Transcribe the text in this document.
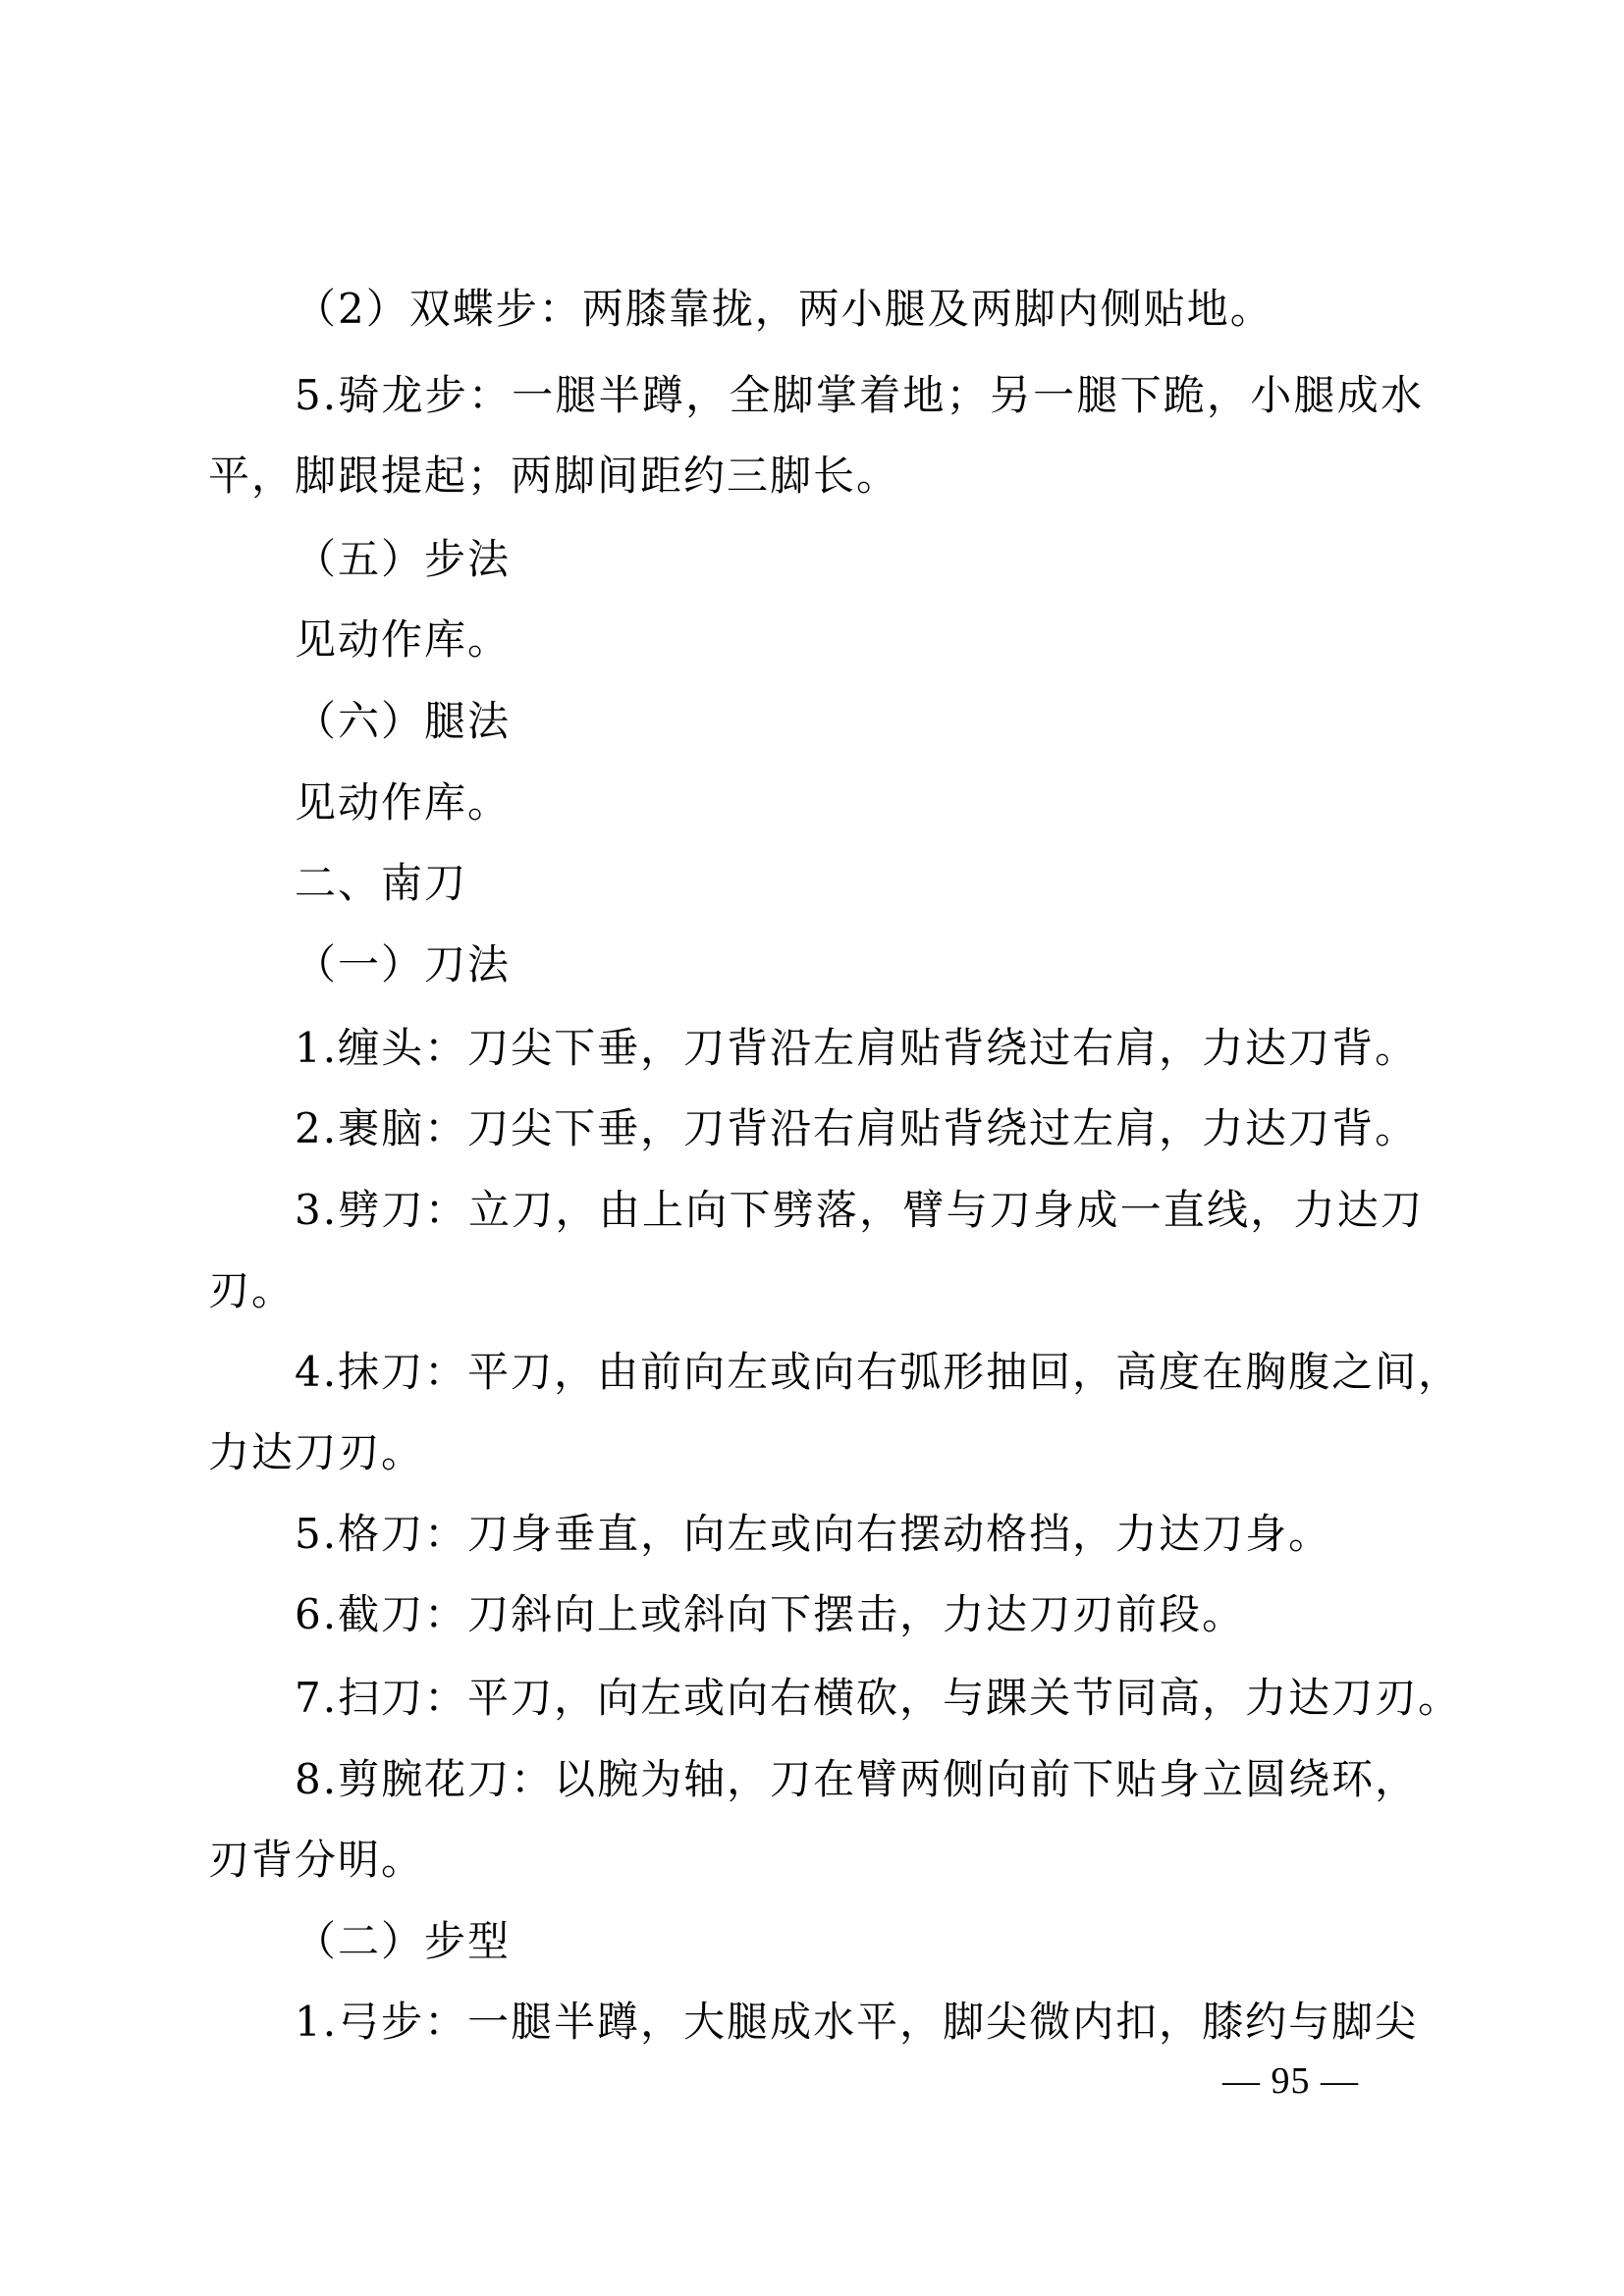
（2）双蝶步：两膝靠拢，两小腿及两脚内侧贴地。
5.骑龙步：一腿半蹲，全脚掌着地；另一腿下跪，小腿成水
平，脚跟提起；两脚间距约三脚长。
（五）步法
见动作库。
（六）腿法
见动作库。
二、南刀
（一）刀法
1.缠头：刀尖下垂，刀背沿左肩贴背绕过右肩，力达刀背。
2.裹脑：刀尖下垂，刀背沿右肩贴背绕过左肩，力达刀背。
3.劈刀：立刀，由上向下劈落，臂与刀身成一直线，力达刀
刃。
4.抹刀：平刀，由前向左或向右弧形抽回，高度在胸腹之间，
力达刀刃。
5.格刀：刀身垂直，向左或向右摆动格挡，力达刀身。
6.截刀：刀斜向上或斜向下摆击，力达刀刃前段。
7.扫刀：平刀，向左或向右横砍，与踝关节同高，力达刀刃。
8.剪腕花刀：以腕为轴，刀在臂两侧向前下贴身立圆绕环，
刃背分明。
（二）步型
1.弓步：一腿半蹲，大腿成水平，脚尖微内扣，膝约与脚尖
— 95 —
